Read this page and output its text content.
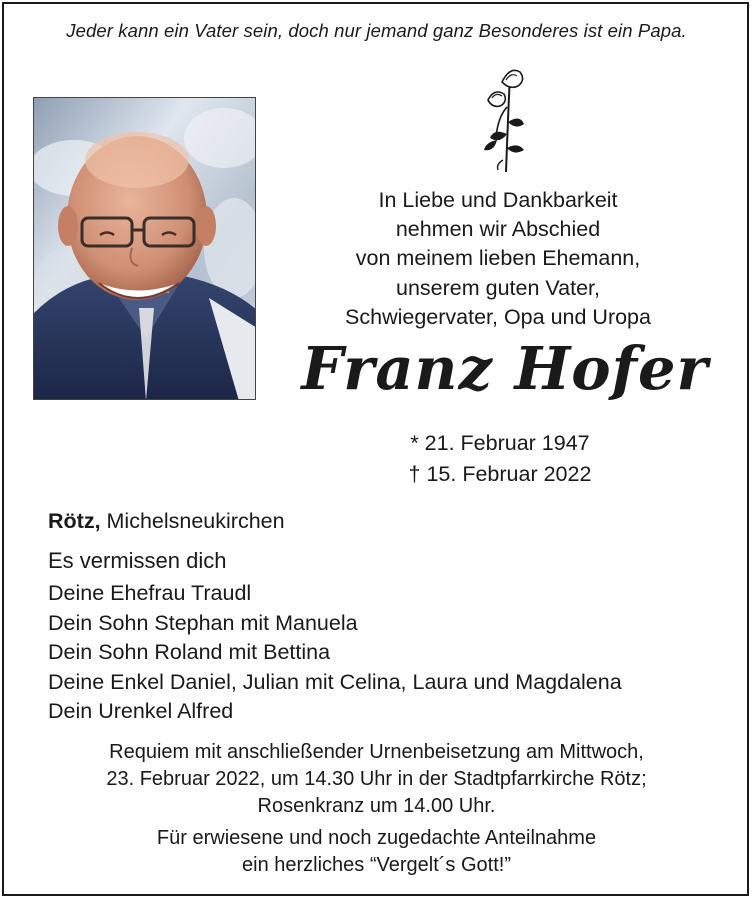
Jeder kann ein Vater sein, doch nur jemand ganz Besonderes ist ein Papa.
In Liebe und Dankbarkeit
nehmen wir Abschied
von meinem lieben Ehemann,
unserem guten Vater,
Schwiegervater, Opa und Uropa
Franz Hofer
* 21. Februar 1947
† 15. Februar 2022
Rötz, Michelsneukirchen
Es vermissen dich
Deine Ehefrau Traudl
Dein Sohn Stephan mit Manuela
Dein Sohn Roland mit Bettina
Deine Enkel Daniel, Julian mit Celina, Laura und Magdalena
Dein Urenkel Alfred
Requiem mit anschließender Urnenbeisetzung am Mittwoch,
23. Februar 2022, um 14.30 Uhr in der Stadtpfarrkirche Rötz;
Rosenkranz um 14.00 Uhr.
Für erwiesene und noch zugedachte Anteilnahme
ein herzliches “Vergelt´s Gott!”
